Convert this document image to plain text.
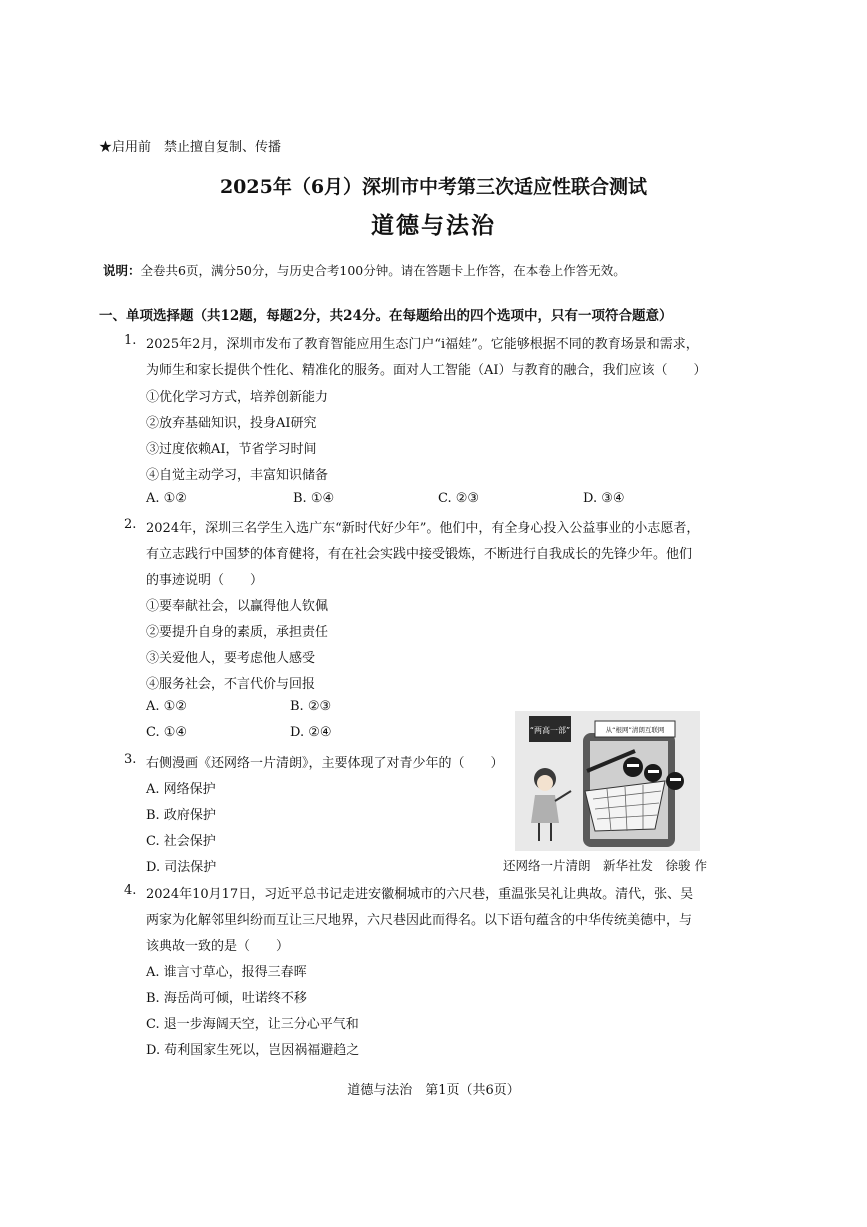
★启用前　禁止擅自复制、传播
2025年（6月）深圳市中考第三次适应性联合测试
道德与法治
说明：全卷共6页，满分50分，与历史合考100分钟。请在答题卡上作答，在本卷上作答无效。
一、单项选择题（共12题，每题2分，共24分。在每题给出的四个选项中，只有一项符合题意）
1. 2025年2月，深圳市发布了教育智能应用生态门户“i福娃”。它能够根据不同的教育场景和需求，
为师生和家长提供个性化、精准化的服务。面对人工智能（AI）与教育的融合，我们应该（　　）
①优化学习方式，培养创新能力
②放弃基础知识，投身AI研究
③过度依赖AI，节省学习时间
④自觉主动学习，丰富知识储备
A. ①②	B. ①④	C. ②③	D. ③④
2. 2024年，深圳三名学生入选广东“新时代好少年”。他们中，有全身心投入公益事业的小志愿者，
有立志践行中国梦的体育健将，有在社会实践中接受锻炼，不断进行自我成长的先锋少年。他们
的事迹说明（　　）
①要奉献社会，以赢得他人钦佩
②要提升自身的素质，承担责任
③关爱他人，要考虑他人感受
④服务社会，不言代价与回报
A. ①②	B. ②③
C. ①④	D. ②④
3. 右侧漫画《还网络一片清朗》，主要体现了对青少年的（　　）
A. 网络保护
B. 政府保护
C. 社会保护
D. 司法保护
“两高一部”	从“根网”清朗互联网
还网络一片清朗　新华社发　徐骏 作
4. 2024年10月17日，习近平总书记走进安徽桐城市的六尺巷，重温张吴礼让典故。清代，张、吴
两家为化解邻里纠纷而互让三尺地界，六尺巷因此而得名。以下语句蕴含的中华传统美德中，与
该典故一致的是（　　）
A. 谁言寸草心，报得三春晖
B. 海岳尚可倾，吐诺终不移
C. 退一步海阔天空，让三分心平气和
D. 苟利国家生死以，岂因祸福避趋之
道德与法治　第1页（共6页）
